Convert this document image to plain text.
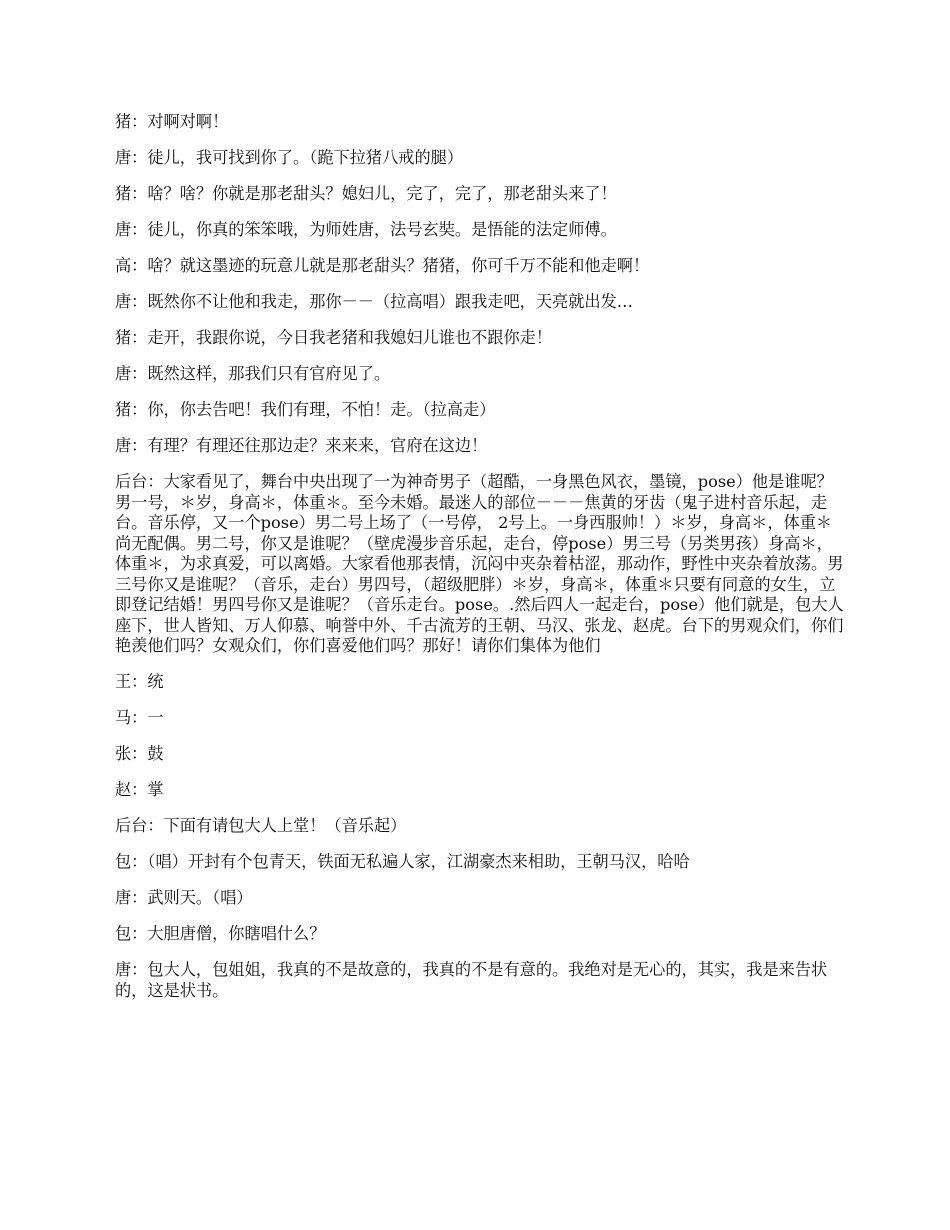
猪：对啊对啊！

唐：徒儿，我可找到你了。（跪下拉猪八戒的腿）

猪：啥？啥？你就是那老甜头？媳妇儿，完了，完了，那老甜头来了！

唐：徒儿，你真的笨笨哦，为师姓唐，法号玄奘。是悟能的法定师傅。

高：啥？就这墨迹的玩意儿就是那老甜头？猪猪，你可千万不能和他走啊！

唐：既然你不让他和我走，那你－－（拉高唱）跟我走吧，天亮就出发…

猪：走开，我跟你说，今日我老猪和我媳妇儿谁也不跟你走！

唐：既然这样，那我们只有官府见了。

猪：你，你去告吧！我们有理，不怕！走。（拉高走）

唐：有理？有理还往那边走？来来来，官府在这边！

后台：大家看见了，舞台中央出现了一为神奇男子（超酷，一身黑色风衣，墨镜，pose）他是谁呢？男一号，＊岁，身高＊，体重＊。至今未婚。最迷人的部位－－－焦黄的牙齿（鬼子进村音乐起，走台。音乐停，又一个pose）男二号上场了（一号停， 2号上。一身西服帅！）＊岁，身高＊，体重＊尚无配偶。男二号，你又是谁呢？（壁虎漫步音乐起，走台，停pose）男三号（另类男孩）身高＊，体重＊，为求真爱，可以离婚。大家看他那表情，沉闷中夹杂着枯涩，那动作，野性中夹杂着放荡。男三号你又是谁呢？（音乐，走台）男四号，（超级肥胖）＊岁，身高＊，体重＊只要有同意的女生，立即登记结婚！男四号你又是谁呢？（音乐走台。pose。.然后四人一起走台，pose）他们就是，包大人座下，世人皆知、万人仰慕、响誉中外、千古流芳的王朝、马汉、张龙、赵虎。台下的男观众们，你们艳羡他们吗？女观众们，你们喜爱他们吗？那好！请你们集体为他们

王：统

马：一

张：鼓

赵：掌

后台：下面有请包大人上堂！（音乐起）

包：（唱）开封有个包青天，铁面无私遍人家，江湖豪杰来相助，王朝马汉，哈哈

唐：武则天。（唱）

包：大胆唐僧，你瞎唱什么？

唐：包大人，包姐姐，我真的不是故意的，我真的不是有意的。我绝对是无心的，其实，我是来告状的，这是状书。
